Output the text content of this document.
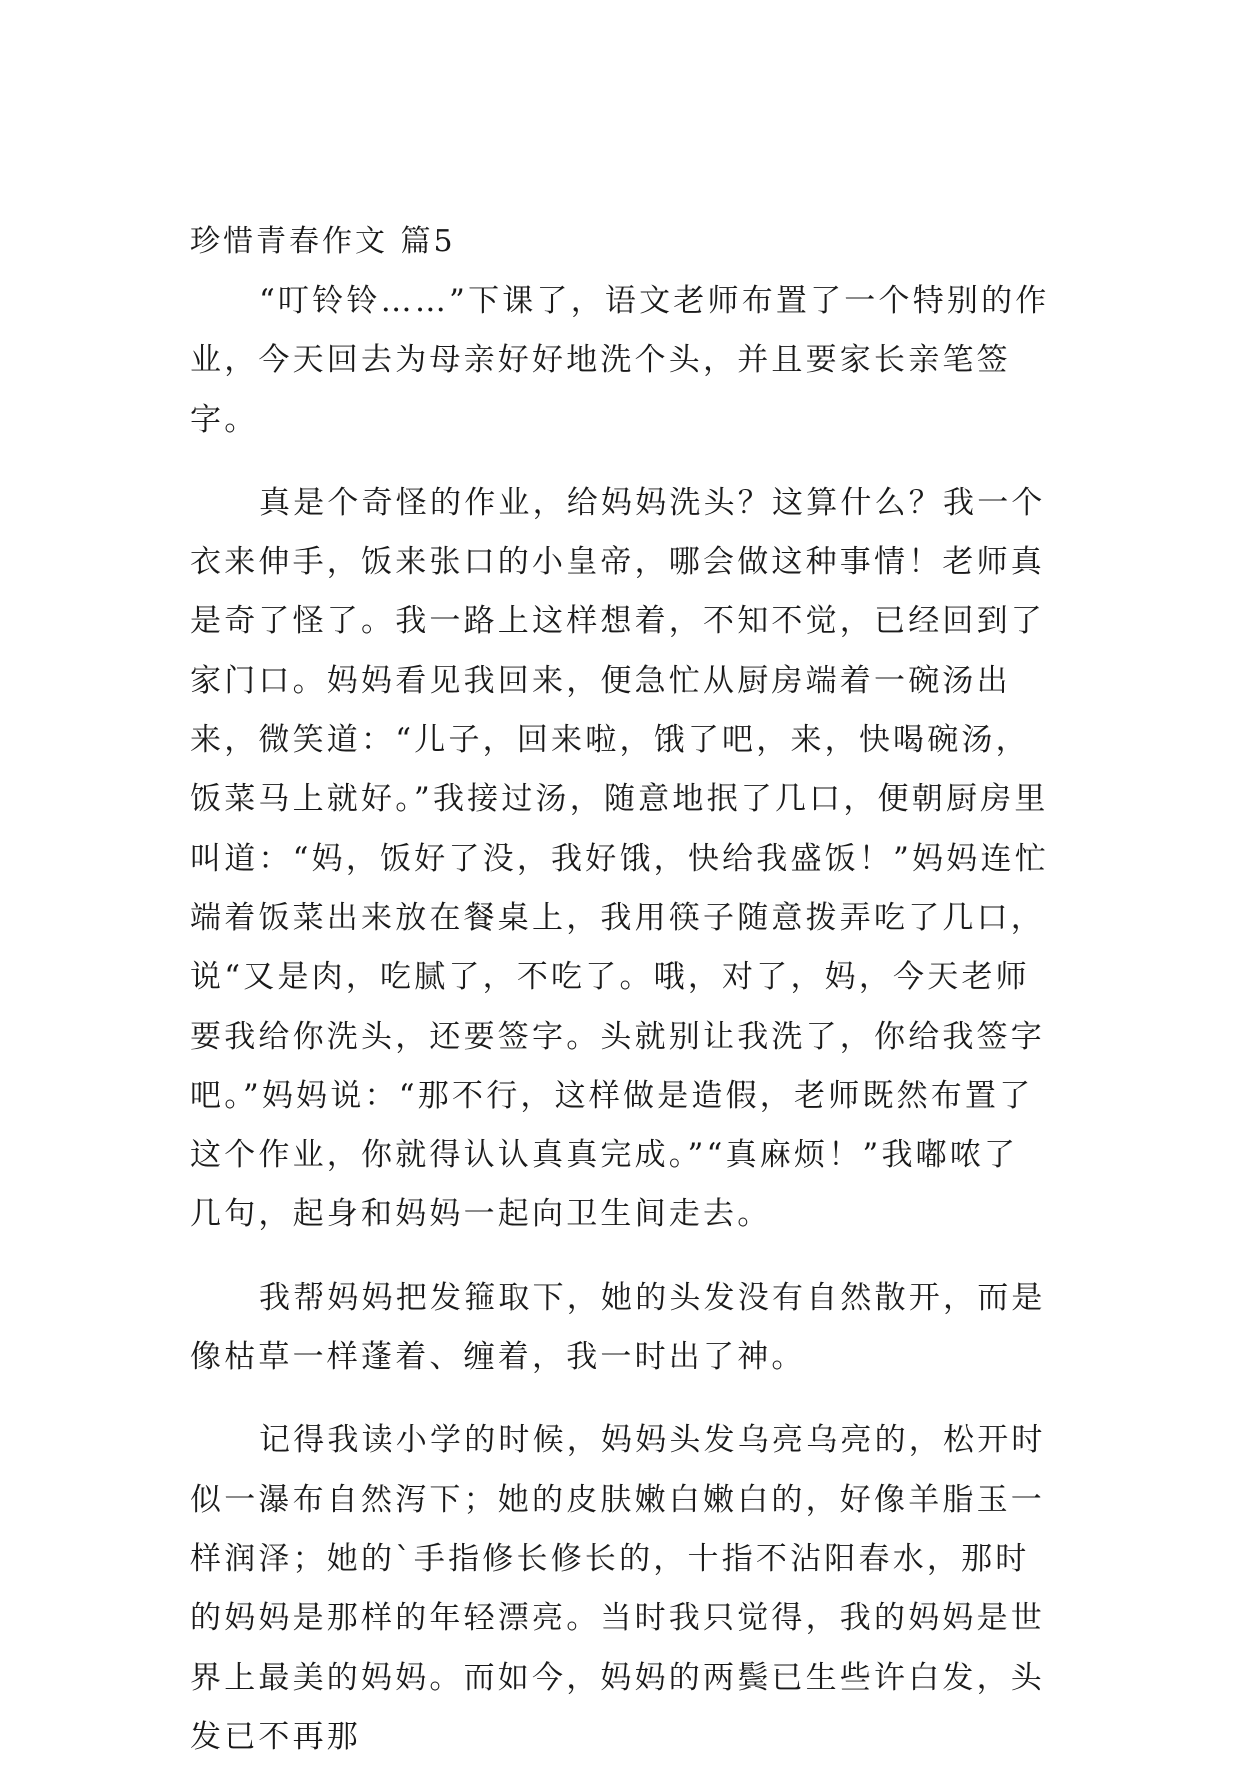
珍惜青春作文 篇5

“叮铃铃……”下课了，语文老师布置了一个特别的作业，今天回去为母亲好好地洗个头，并且要家长亲笔签字。

真是个奇怪的作业，给妈妈洗头？这算什么？我一个衣来伸手，饭来张口的小皇帝，哪会做这种事情！老师真是奇了怪了。我一路上这样想着，不知不觉，已经回到了家门口。妈妈看见我回来，便急忙从厨房端着一碗汤出来，微笑道：“儿子，回来啦，饿了吧，来，快喝碗汤，饭菜马上就好。”我接过汤，随意地抿了几口，便朝厨房里叫道：“妈，饭好了没，我好饿，快给我盛饭！”妈妈连忙端着饭菜出来放在餐桌上，我用筷子随意拨弄吃了几口，说“又是肉，吃腻了，不吃了。哦，对了，妈，今天老师要我给你洗头，还要签字。头就别让我洗了，你给我签字吧。”妈妈说：“那不行，这样做是造假，老师既然布置了这个作业，你就得认认真真完成。”“真麻烦！”我嘟哝了几句，起身和妈妈一起向卫生间走去。

我帮妈妈把发箍取下，她的头发没有自然散开，而是像枯草一样蓬着、缠着，我一时出了神。

记得我读小学的时候，妈妈头发乌亮乌亮的，松开时似一瀑布自然泻下；她的皮肤嫩白嫩白的，好像羊脂玉一样润泽；她的`手指修长修长的，十指不沾阳春水，那时的妈妈是那样的年轻漂亮。当时我只觉得，我的妈妈是世界上最美的妈妈。而如今，妈妈的两鬓已生些许白发，头发已不再那
